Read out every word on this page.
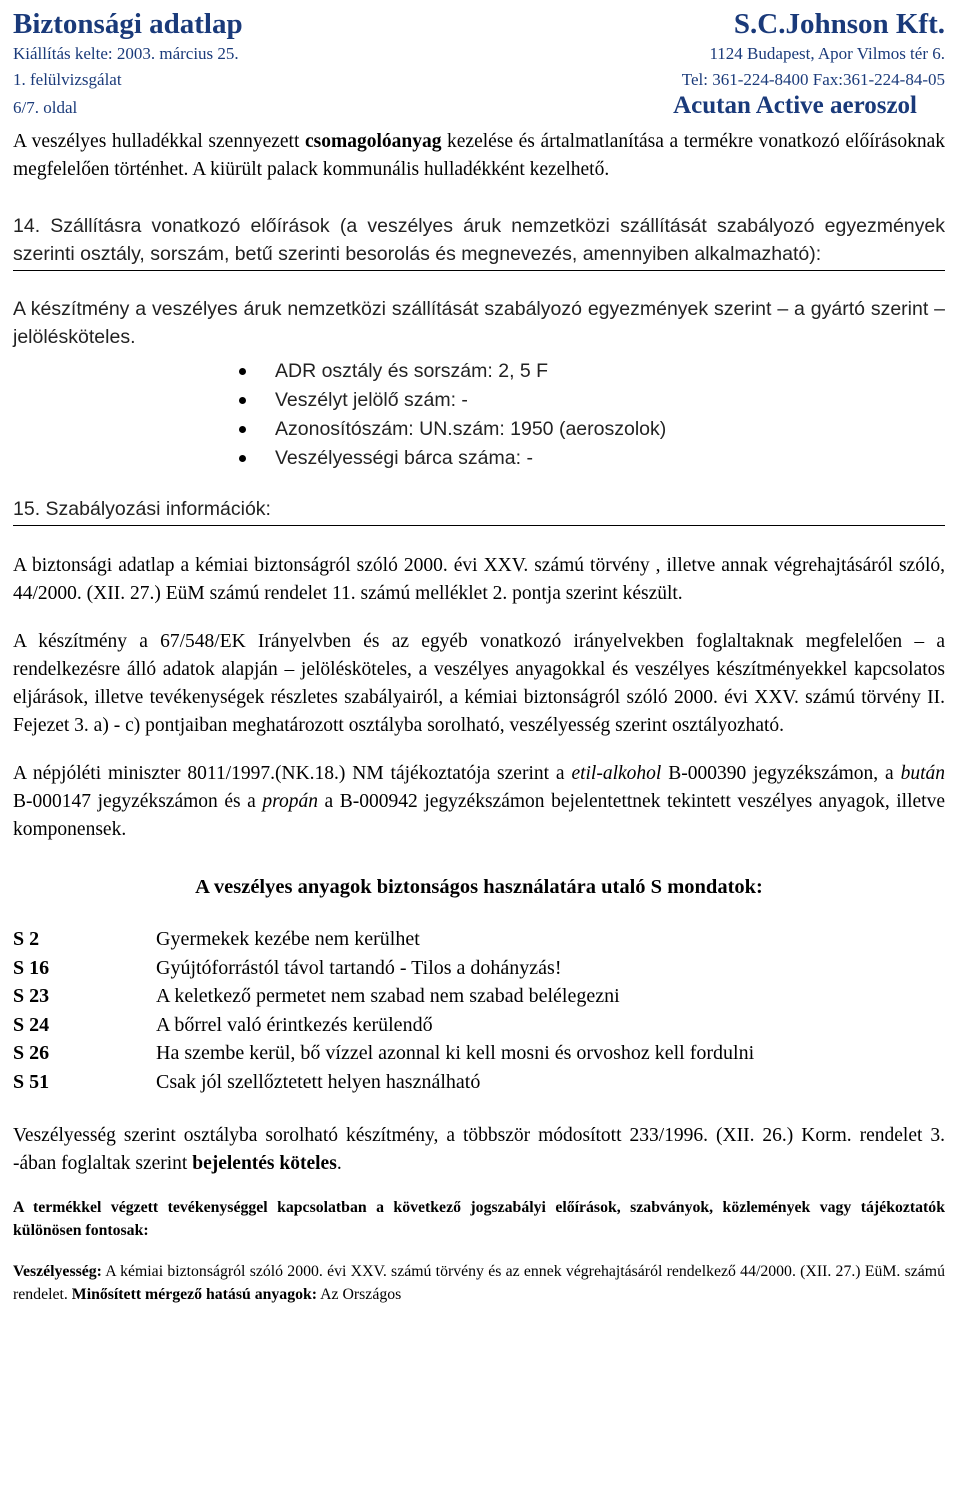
Biztonsági adatlap	S.C.Johnson Kft.
Kiállítás kelte: 2003. március 25.	1124 Budapest, Apor Vilmos tér 6.
1. felülvizsgálat	Tel: 361-224-8400 Fax:361-224-84-05
6/7. oldal	Acutan Active aeroszol

A veszélyes hulladékkal szennyezett csomagolóanyag kezelése és ártalmatlanítása a termékre vonatkozó előírásoknak megfelelően történhet. A kiürült palack kommunális hulladékként kezelhető.

14. Szállításra vonatkozó előírások (a veszélyes áruk nemzetközi szállítását szabályozó egyezmények szerinti osztály, sorszám, betű szerinti besorolás és megnevezés, amennyiben alkalmazható):

A készítmény a veszélyes áruk nemzetközi szállítását szabályozó egyezmények szerint – a gyártó szerint – jelölésköteles.

ADR osztály és sorszám: 2, 5 F
Veszélyt jelölő szám: -
Azonosítószám: UN.szám: 1950 (aeroszolok)
Veszélyességi bárca száma: -

15. Szabályozási információk:

A biztonsági adatlap a kémiai biztonságról szóló 2000. évi XXV. számú törvény , illetve annak végrehajtásáról szóló, 44/2000. (XII. 27.) EüM számú rendelet 11. számú melléklet 2. pontja szerint készült.

A készítmény a 67/548/EK Irányelvben és az egyéb vonatkozó irányelvekben foglaltaknak megfelelően – a rendelkezésre álló adatok alapján – jelölésköteles, a veszélyes anyagokkal és veszélyes készítményekkel kapcsolatos eljárások, illetve tevékenységek részletes szabályairól, a kémiai biztonságról szóló 2000. évi XXV. számú törvény II. Fejezet 3. a) - c) pontjaiban meghatározott osztályba sorolható, veszélyesség szerint osztályozható.

A népjóléti miniszter 8011/1997.(NK.18.) NM tájékoztatója szerint a etil-alkohol B-000390 jegyzékszámon, a bután B-000147 jegyzékszámon és a propán a B-000942 jegyzékszámon bejelentettnek tekintett veszélyes anyagok, illetve komponensek.

A veszélyes anyagok biztonságos használatára utaló S mondatok:

S 2	Gyermekek kezébe nem kerülhet
S 16	Gyújtóforrástól távol tartandó - Tilos a dohányzás!
S 23	A keletkező permetet nem szabad nem szabad belélegezni
S 24	A bőrrel való érintkezés kerülendő
S 26	Ha szembe kerül, bő vízzel azonnal ki kell mosni és orvoshoz kell fordulni
S 51	Csak jól szellőztetett helyen használható

Veszélyesség szerint osztályba sorolható készítmény, a többször módosított 233/1996. (XII. 26.) Korm. rendelet 3. -ában foglaltak szerint bejelentés köteles.

A termékkel végzett tevékenységgel kapcsolatban a következő jogszabályi előírások, szabványok, közlemények vagy tájékoztatók különösen fontosak:

Veszélyesség: A kémiai biztonságról szóló 2000. évi XXV. számú törvény és az ennek végrehajtásáról rendelkező 44/2000. (XII. 27.) EüM. számú rendelet. Minősített mérgező hatású anyagok: Az Országos
